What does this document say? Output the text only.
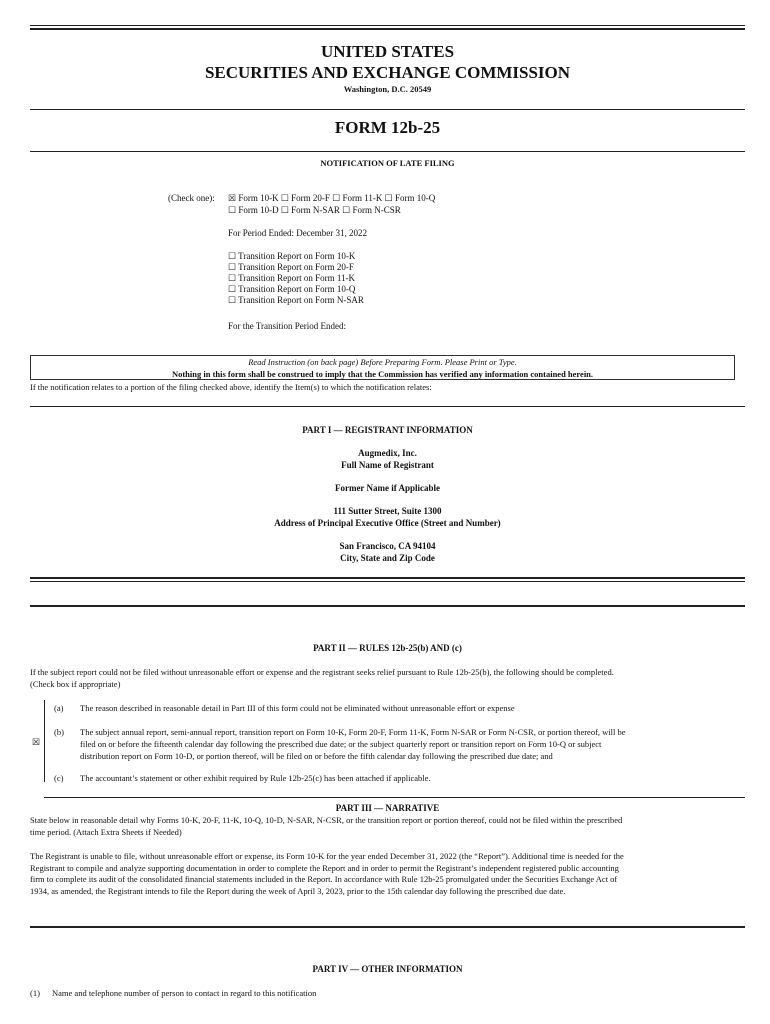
UNITED STATES
SECURITIES AND EXCHANGE COMMISSION
Washington, D.C. 20549
FORM 12b-25
NOTIFICATION OF LATE FILING
(Check one): ☒ Form 10-K ☐ Form 20-F ☐ Form 11-K ☐ Form 10-Q
☐ Form 10-D ☐ Form N-SAR ☐ Form N-CSR
For Period Ended: December 31, 2022
☐ Transition Report on Form 10-K
☐ Transition Report on Form 20-F
☐ Transition Report on Form 11-K
☐ Transition Report on Form 10-Q
☐ Transition Report on Form N-SAR
For the Transition Period Ended:
Read Instruction (on back page) Before Preparing Form. Please Print or Type.
Nothing in this form shall be construed to imply that the Commission has verified any information contained herein.
If the notification relates to a portion of the filing checked above, identify the Item(s) to which the notification relates:
PART I — REGISTRANT INFORMATION
Augmedix, Inc.
Full Name of Registrant
Former Name if Applicable
111 Sutter Street, Suite 1300
Address of Principal Executive Office (Street and Number)
San Francisco, CA 94104
City, State and Zip Code
PART II — RULES 12b-25(b) AND (c)
If the subject report could not be filed without unreasonable effort or expense and the registrant seeks relief pursuant to Rule 12b-25(b), the following should be completed.
(Check box if appropriate)
☒
(a) The reason described in reasonable detail in Part III of this form could not be eliminated without unreasonable effort or expense
(b) The subject annual report, semi-annual report, transition report on Form 10-K, Form 20-F, Form 11-K, Form N-SAR or Form N-CSR, or portion thereof, will be
filed on or before the fifteenth calendar day following the prescribed due date; or the subject quarterly report or transition report on Form 10-Q or subject
distribution report on Form 10-D, or portion thereof, will be filed on or before the fifth calendar day following the prescribed due date; and
(c) The accountant’s statement or other exhibit required by Rule 12b-25(c) has been attached if applicable.
PART III — NARRATIVE
State below in reasonable detail why Forms 10-K, 20-F, 11-K, 10-Q, 10-D, N-SAR, N-CSR, or the transition report or portion thereof, could not be filed within the prescribed
time period. (Attach Extra Sheets if Needed)
The Registrant is unable to file, without unreasonable effort or expense, its Form 10-K for the year ended December 31, 2022 (the “Report”). Additional time is needed for the
Registrant to compile and analyze supporting documentation in order to complete the Report and in order to permit the Registrant’s independent registered public accounting
firm to complete its audit of the consolidated financial statements included in the Report. In accordance with Rule 12b-25 promulgated under the Securities Exchange Act of
1934, as amended, the Registrant intends to file the Report during the week of April 3, 2023, prior to the 15th calendar day following the prescribed due date.
PART IV — OTHER INFORMATION
(1) Name and telephone number of person to contact in regard to this notification
